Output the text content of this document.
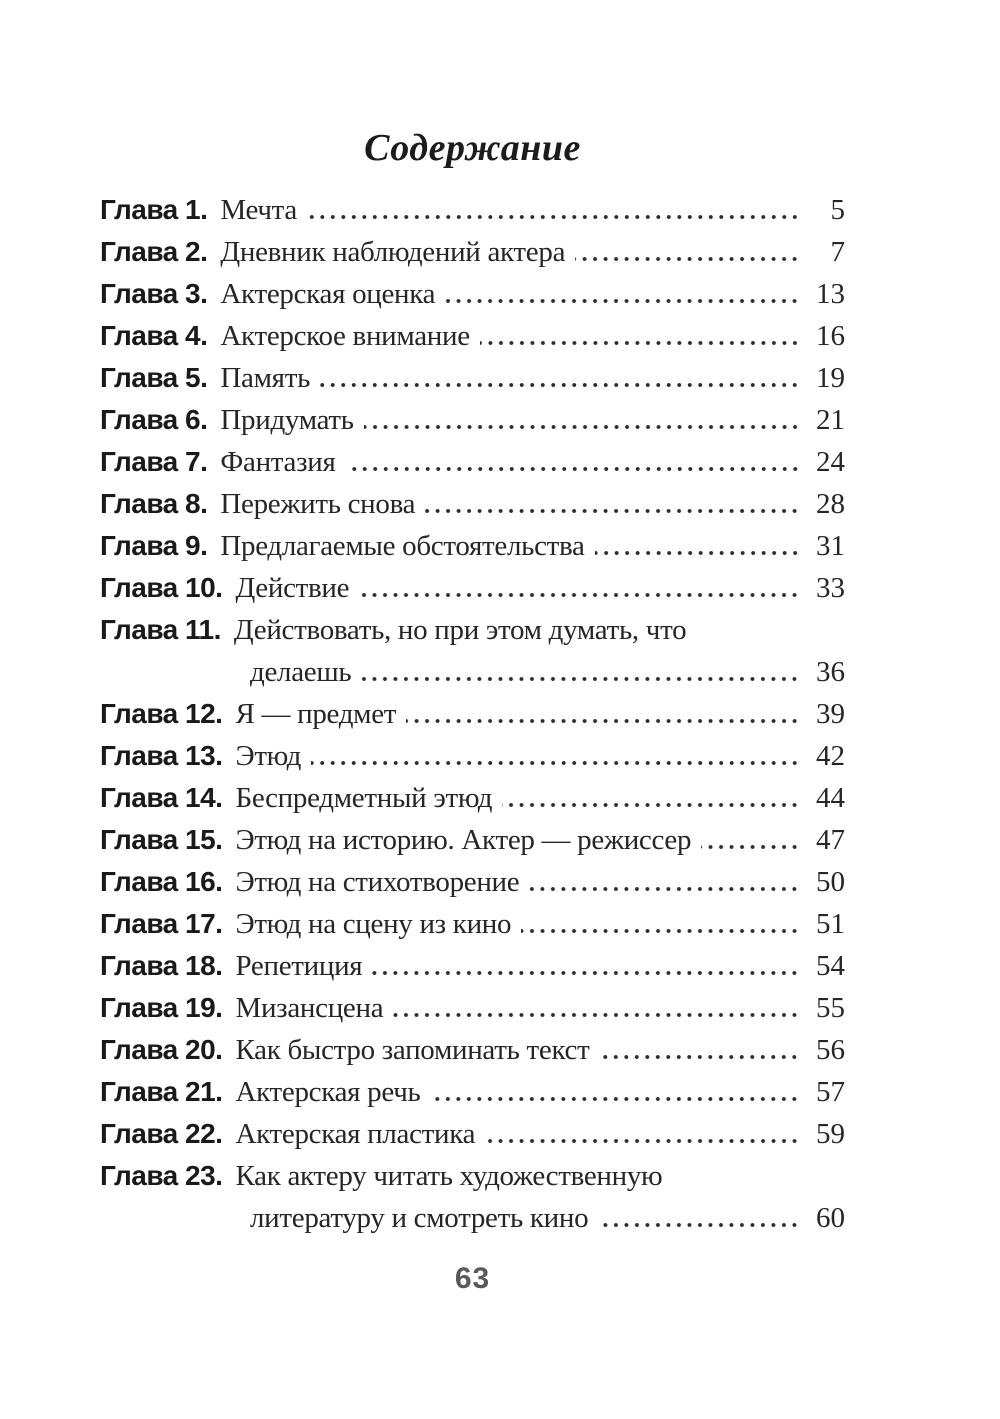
Содержание
Глава 1. Мечта	5
Глава 2. Дневник наблюдений актера	7
Глава 3. Актерская оценка	13
Глава 4. Актерское внимание	16
Глава 5. Память	19
Глава 6. Придумать	21
Глава 7. Фантазия	24
Глава 8. Пережить снова	28
Глава 9. Предлагаемые обстоятельства	31
Глава 10. Действие	33
Глава 11. Действовать, но при этом думать, что
делаешь	36
Глава 12. Я — предмет	39
Глава 13. Этюд	42
Глава 14. Беспредметный этюд	44
Глава 15. Этюд на историю. Актер — режиссер	47
Глава 16. Этюд на стихотворение	50
Глава 17. Этюд на сцену из кино	51
Глава 18. Репетиция	54
Глава 19. Мизансцена	55
Глава 20. Как быстро запоминать текст	56
Глава 21. Актерская речь	57
Глава 22. Актерская пластика	59
Глава 23. Как актеру читать художественную
литературу и смотреть кино	60
63
